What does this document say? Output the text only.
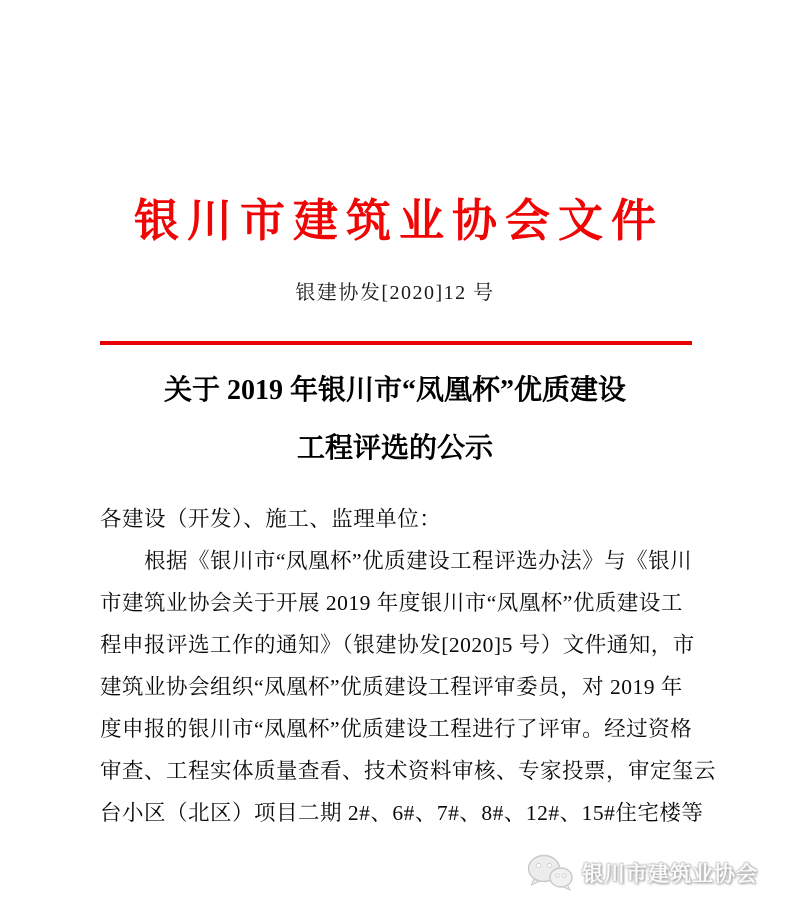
银川市建筑业协会文件
银建协发[2020]12 号
关于 2019 年银川市“凤凰杯”优质建设
工程评选的公示
各建设（开发）、施工、监理单位：
　　根据《银川市“凤凰杯”优质建设工程评选办法》与《银川
市建筑业协会关于开展 2019 年度银川市“凤凰杯”优质建设工
程申报评选工作的通知》（银建协发[2020]5 号）文件通知，市
建筑业协会组织“凤凰杯”优质建设工程评审委员，对 2019 年
度申报的银川市“凤凰杯”优质建设工程进行了评审。经过资格
审查、工程实体质量查看、技术资料审核、专家投票，审定玺云
台小区（北区）项目二期 2#、6#、7#、8#、12#、15#住宅楼等
银川市建筑业协会
